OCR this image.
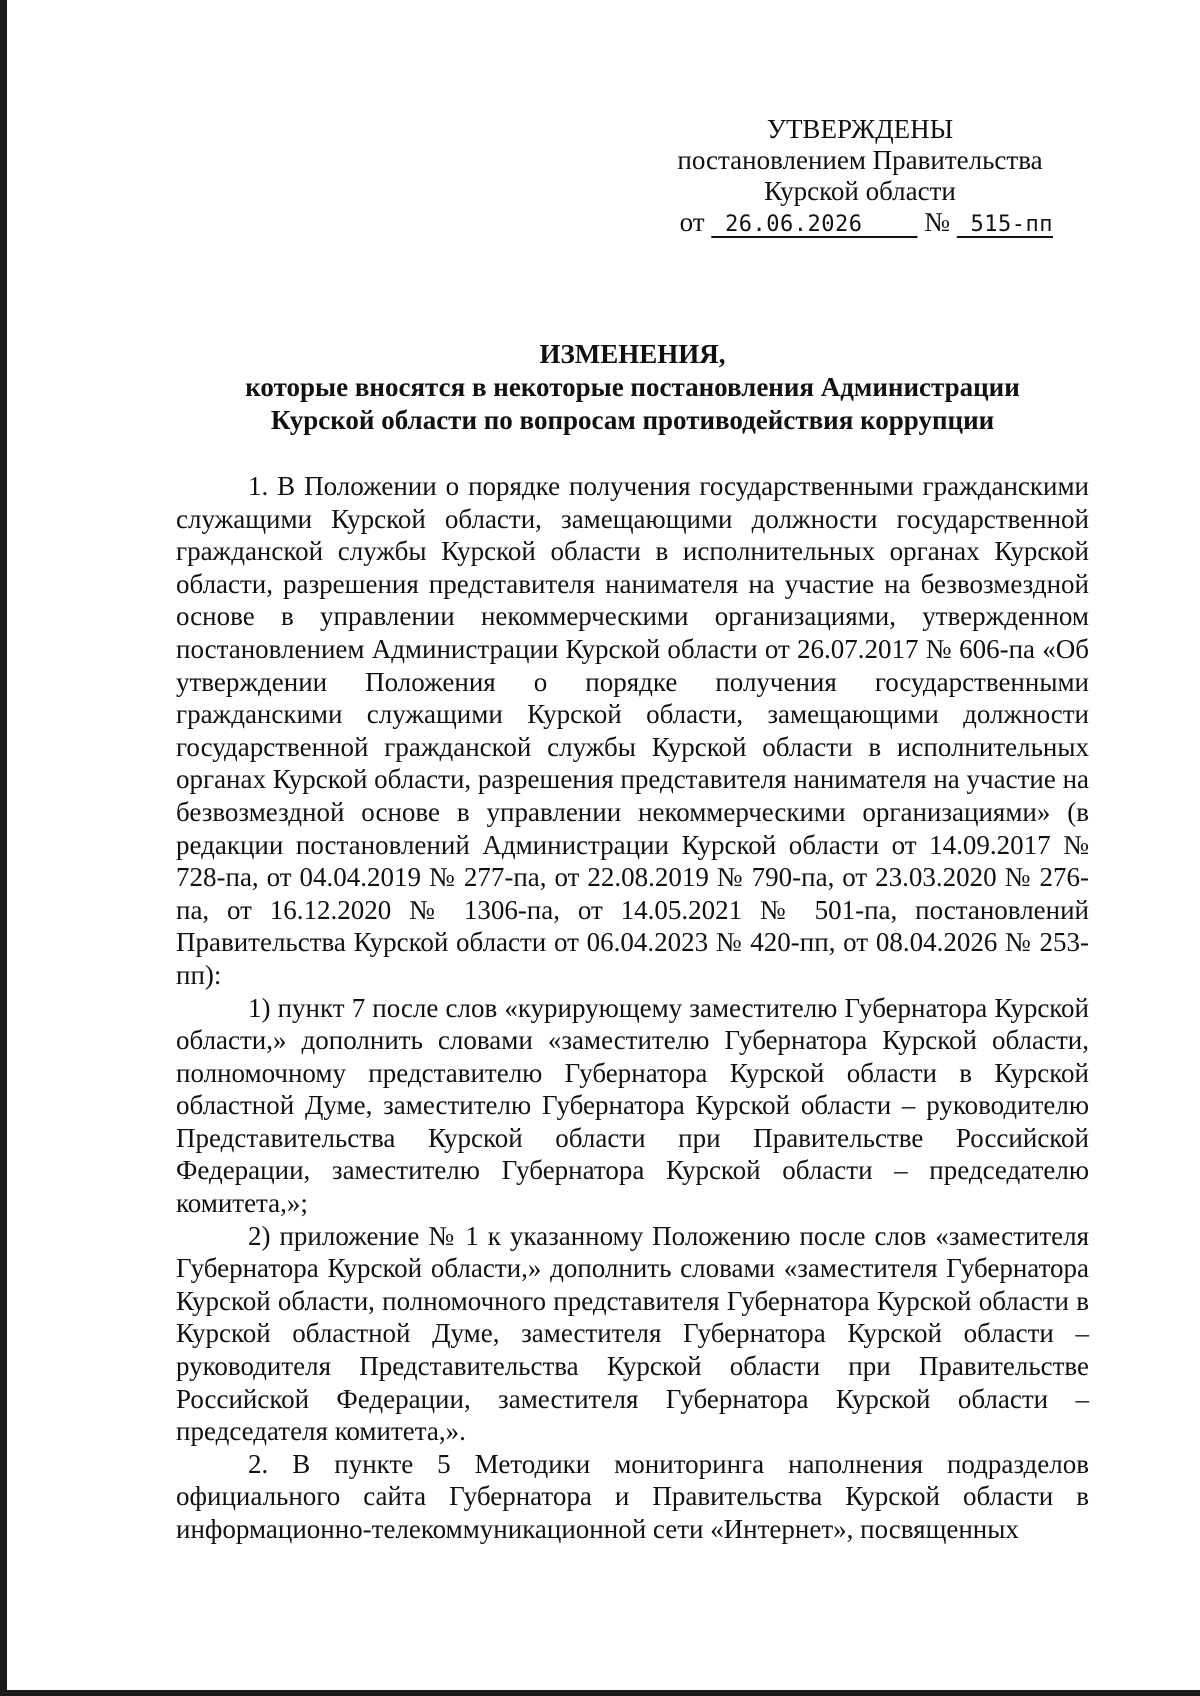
УТВЕРЖДЕНЫ
постановлением Правительства
Курской области
от 26.06.2026 № 515-пп
ИЗМЕНЕНИЯ,
которые вносятся в некоторые постановления Администрации
Курской области по вопросам противодействия коррупции

1. В Положении о порядке получения государственными гражданскими служащими Курской области, замещающими должности государственной гражданской службы Курской области в исполнительных органах Курской области, разрешения представителя нанимателя на участие на безвозмездной основе в управлении некоммерческими организациями, утвержденном постановлением Администрации Курской области от 26.07.2017 № 606-па «Об утверждении Положения о порядке получения государственными гражданскими служащими Курской области, замещающими должности государственной гражданской службы Курской области в исполнительных органах Курской области, разрешения представителя нанимателя на участие на безвозмездной основе в управлении некоммерческими организациями» (в редакции постановлений Администрации Курской области от 14.09.2017 № 728-па, от 04.04.2019 № 277-па, от 22.08.2019 № 790-па, от 23.03.2020 № 276-па, от 16.12.2020 № 1306-па, от 14.05.2021 № 501-па, постановлений Правительства Курской области от 06.04.2023 № 420-пп, от 08.04.2026 № 253-пп):

1) пункт 7 после слов «курирующему заместителю Губернатора Курской области,» дополнить словами «заместителю Губернатора Курской области, полномочному представителю Губернатора Курской области в Курской областной Думе, заместителю Губернатора Курской области – руководителю Представительства Курской области при Правительстве Российской Федерации, заместителю Губернатора Курской области – председателю комитета,»;

2) приложение № 1 к указанному Положению после слов «заместителя Губернатора Курской области,» дополнить словами «заместителя Губернатора Курской области, полномочного представителя Губернатора Курской области в Курской областной Думе, заместителя Губернатора Курской области – руководителя Представительства Курской области при Правительстве Российской Федерации, заместителя Губернатора Курской области – председателя комитета,».

2. В пункте 5 Методики мониторинга наполнения подразделов официального сайта Губернатора и Правительства Курской области в информационно-телекоммуникационной сети «Интернет», посвященных
